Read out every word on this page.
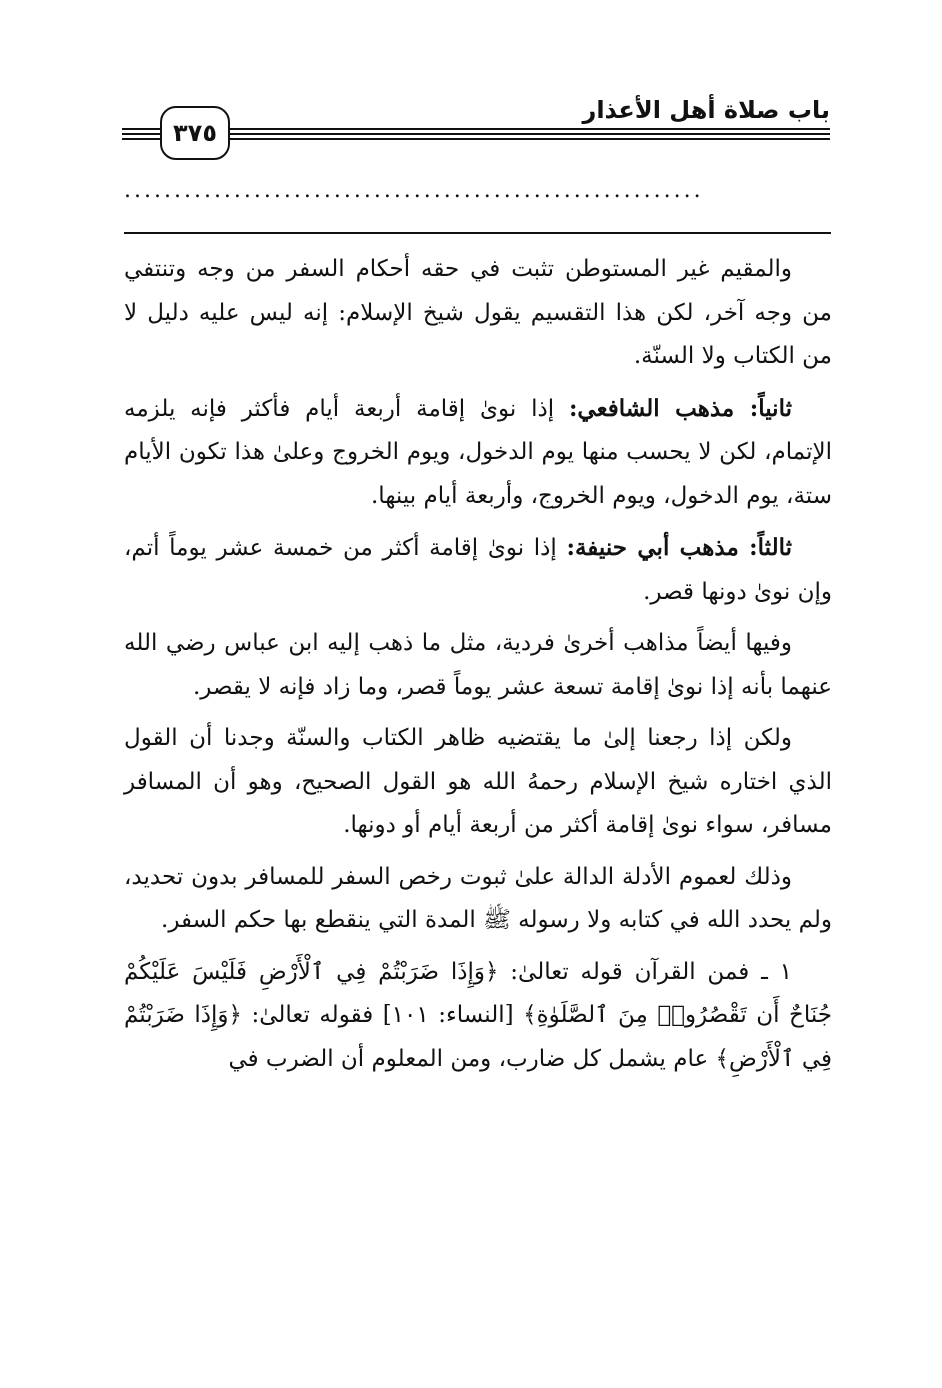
باب صلاة أهل الأعذار
٣٧٥
..........................................................

والمقيم غير المستوطن تثبت في حقه أحكام السفر من وجه وتنتفي من وجه آخر، لكن هذا التقسيم يقول شيخ الإسلام: إنه ليس عليه دليل لا من الكتاب ولا السنّة.

ثانياً: مذهب الشافعي: إذا نوىٰ إقامة أربعة أيام فأكثر فإنه يلزمه الإتمام، لكن لا يحسب منها يوم الدخول، ويوم الخروج وعلىٰ هذا تكون الأيام ستة، يوم الدخول، ويوم الخروج، وأربعة أيام بينها.

ثالثاً: مذهب أبي حنيفة: إذا نوىٰ إقامة أكثر من خمسة عشر يوماً أتم، وإن نوىٰ دونها قصر.

وفيها أيضاً مذاهب أخرىٰ فردية، مثل ما ذهب إليه ابن عباس رضي الله عنهما بأنه إذا نوىٰ إقامة تسعة عشر يوماً قصر، وما زاد فإنه لا يقصر.

ولكن إذا رجعنا إلىٰ ما يقتضيه ظاهر الكتاب والسنّة وجدنا أن القول الذي اختاره شيخ الإسلام رحمهُ الله هو القول الصحيح، وهو أن المسافر مسافر، سواء نوىٰ إقامة أكثر من أربعة أيام أو دونها.

وذلك لعموم الأدلة الدالة علىٰ ثبوت رخص السفر للمسافر بدون تحديد، ولم يحدد الله في كتابه ولا رسوله ﷺ المدة التي ينقطع بها حكم السفر.

١ ـ فمن القرآن قوله تعالىٰ: ﴿وَإِذَا ضَرَبْتُمْ فِي ٱلْأَرْضِ فَلَيْسَ عَلَيْكُمْ جُنَاحٌ أَن تَقْصُرُوا۟ مِنَ ٱلصَّلَوٰةِ﴾ [النساء: ١٠١] فقوله تعالىٰ: ﴿وَإِذَا ضَرَبْتُمْ فِي ٱلْأَرْضِ﴾ عام يشمل كل ضارب، ومن المعلوم أن الضرب في
